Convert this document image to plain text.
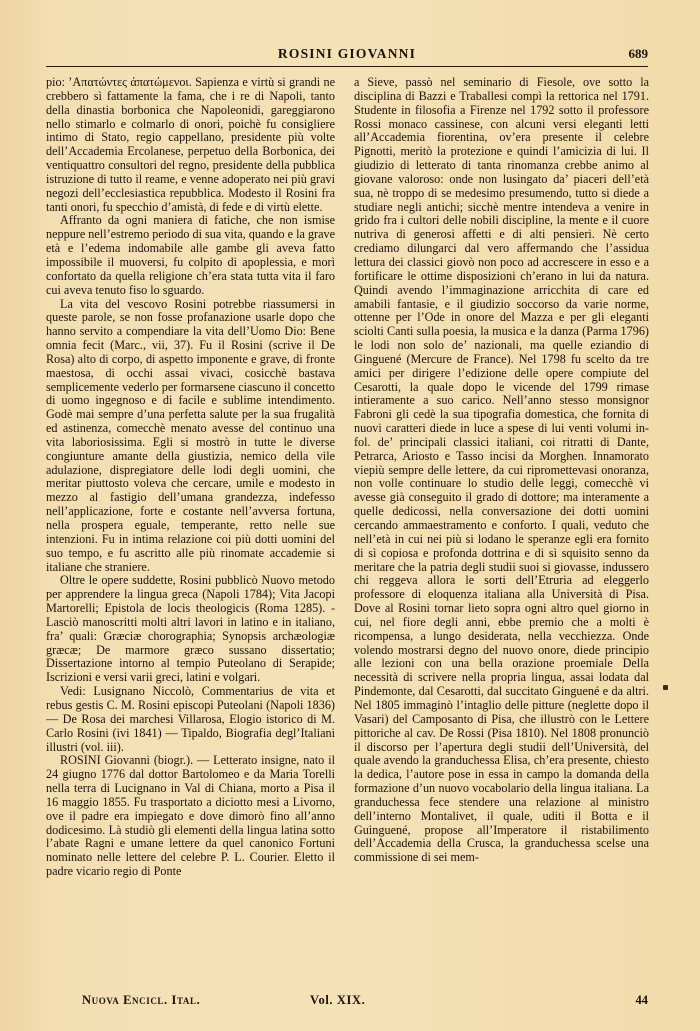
ROSINI GIOVANNI	689

pio: ’Απατώντες άπατώμενοι. Sapienza e virtù si grandi ne crebbero sì fattamente la fama, che i re di Napoli, tanto della dinastia borbonica che Napoleonidi, gareggiarono nello stimarlo e colmarlo di onori, poichè fu consigliere intimo di Stato, regio cappellano, presidente più volte dell’Accademia Ercolanese, perpetuo della Borbonica, dei ventiquattro consultori del regno, presidente della pubblica istruzione di tutto il reame, e venne adoperato nei più gravi negozi dell’ecclesiastica repubblica. Modesto il Rosini fra tanti onori, fu specchio d’amistà, di fede e di virtù elette.

Affranto da ogni maniera di fatiche, che non ismise neppure nell’estremo periodo di sua vita, quando e la grave età e l’edema indomabile alle gambe gli aveva fatto impossibile il muoversi, fu colpito di apoplessia, e morì confortato da quella religione ch’era stata tutta vita il faro cui aveva tenuto fiso lo sguardo.

La vita del vescovo Rosini potrebbe riassumersi in queste parole, se non fosse profanazione usarle dopo che hanno servito a compendiare la vita dell’Uomo Dio: Bene omnia fecit (Marc., vii, 37). Fu il Rosini (scrive il De Rosa) alto di corpo, di aspetto imponente e grave, di fronte maestosa, di occhi assai vivaci, cosicchè bastava semplicemente vederlo per formarsene ciascuno il concetto di uomo ingegnoso e di facile e sublime intendimento. Godè mai sempre d’una perfetta salute per la sua frugalità ed astinenza, comecchè menato avesse del continuo una vita laboriosissima. Egli si mostrò in tutte le diverse congiunture amante della giustizia, nemico della vile adulazione, dispregiatore delle lodi degli uomini, che meritar piuttosto voleva che cercare, umile e modesto in mezzo al fastigio dell’umana grandezza, indefesso nell’applicazione, forte e costante nell’avversa fortuna, nella prospera eguale, temperante, retto nelle sue intenzioni. Fu in intima relazione coi più dotti uomini del suo tempo, e fu ascritto alle più rinomate accademie si italiane che straniere.

Oltre le opere suddette, Rosini pubblicò Nuovo metodo per apprendere la lingua greca (Napoli 1784); Vita Jacopi Martorelli; Epistola de locis theologicis (Roma 1285). - Lasciò manoscritti molti altri lavori in latino e in italiano, fra’ quali: Græciæ chorographia; Synopsis archæologiæ græcæ; De marmore græco sussano dissertatio; Dissertazione intorno al tempio Puteolano di Serapide; Iscrizioni e versi varii greci, latini e volgari.

Vedi: Lusignano Niccolò, Commentarius de vita et rebus gestis C. M. Rosini episcopi Puteolani (Napoli 1836) — De Rosa dei marchesi Villarosa, Elogio istorico di M. Carlo Rosini (ivi 1841) — Tipaldo, Biografia degl’Italiani illustri (vol. iii).

ROSINI Giovanni (biogr.). — Letterato insigne, nato il 24 giugno 1776 dal dottor Bartolomeo e da Maria Torelli nella terra di Lucignano in Val di Chiana, morto a Pisa il 16 maggio 1855. Fu trasportato a diciotto mesi a Livorno, ove il padre era impiegato e dove dimorò fino all’anno dodicesimo. Là studiò gli elementi della lingua latina sotto l’abate Ragni e umane lettere da quel canonico Fortuni nominato nelle lettere del celebre P. L. Courier. Eletto il padre vicario regio di Ponte

a Sieve, passò nel seminario di Fiesole, ove sotto la disciplina di Bazzi e Traballesi compì la rettorica nel 1791. Studente in filosofia a Firenze nel 1792 sotto il professore Rossi monaco cassinese, con alcuni versi eleganti letti all’Accademia fiorentina, ov’era presente il celebre Pignotti, meritò la protezione e quindi l’amicizia di lui. Il giudizio di letterato di tanta rinomanza crebbe animo al giovane valoroso: onde non lusingato da’ piaceri dell’età sua, nè troppo di se medesimo presumendo, tutto si diede a studiare negli antichi; sicchè mentre intendeva a venire in grido fra i cultori delle nobili discipline, la mente e il cuore nutriva di generosi affetti e di alti pensieri. Nè certo crediamo dilungarci dal vero affermando che l’assidua lettura dei classici giovò non poco ad accrescere in esso e a fortificare le ottime disposizioni ch’erano in lui da natura. Quindi avendo l’immaginazione arricchita di care ed amabili fantasie, e il giudizio soccorso da varie norme, ottenne per l’Ode in onore del Mazza e per gli eleganti sciolti Canti sulla poesia, la musica e la danza (Parma 1796) le lodi non solo de’ nazionali, ma quelle eziandio di Ginguené (Mercure de France). Nel 1798 fu scelto da tre amici per dirigere l’edizione delle opere compiute del Cesarotti, la quale dopo le vicende del 1799 rimase intieramente a suo carico. Nell’anno stesso monsignor Fabroni gli cedè la sua tipografia domestica, che fornita di nuovi caratteri diede in luce a spese di lui venti volumi in-fol. de’ principali classici italiani, coi ritratti di Dante, Petrarca, Ariosto e Tasso incisi da Morghen. Innamorato viepiù sempre delle lettere, da cui ripromettevasi onoranza, non volle continuare lo studio delle leggi, comecchè vi avesse già conseguito il grado di dottore; ma interamente a quelle dedicossi, nella conversazione dei dotti uomini cercando ammaestramento e conforto. I quali, veduto che nell’età in cui nei più si lodano le speranze egli era fornito di sì copiosa e profonda dottrina e di sì squisito senno da meritare che la patria degli studii suoi si giovasse, indussero chi reggeva allora le sorti dell’Etruria ad eleggerlo professore di eloquenza italiana alla Università di Pisa. Dove al Rosini tornar lieto sopra ogni altro quel giorno in cui, nel fiore degli anni, ebbe premio che a molti è ricompensa, a lungo desiderata, nella vecchiezza. Onde volendo mostrarsi degno del nuovo onore, diede principio alle lezioni con una bella orazione proemiale Della necessità di scrivere nella propria lingua, assai lodata dal Pindemonte, dal Cesarotti, dal succitato Ginguené e da altri. Nel 1805 immaginò l’intaglio delle pitture (neglette dopo il Vasari) del Camposanto di Pisa, che illustrò con le Lettere pittoriche al cav. De Rossi (Pisa 1810). Nel 1808 pronunciò il discorso per l’apertura degli studii dell’Università, del quale avendo la granduchessa Elisa, ch’era presente, chiesto la dedica, l’autore pose in essa in campo la domanda della formazione d’un nuovo vocabolario della lingua italiana. La granduchessa fece stendere una relazione al ministro dell’interno Montalivet, il quale, uditi il Botta e il Guinguené, propose all’Imperatore il ristabilimento dell’Accademia della Crusca, la granduchessa scelse una commissione di sei mem-

Nuova Encicl. Ital.	Vol. XIX.	44
